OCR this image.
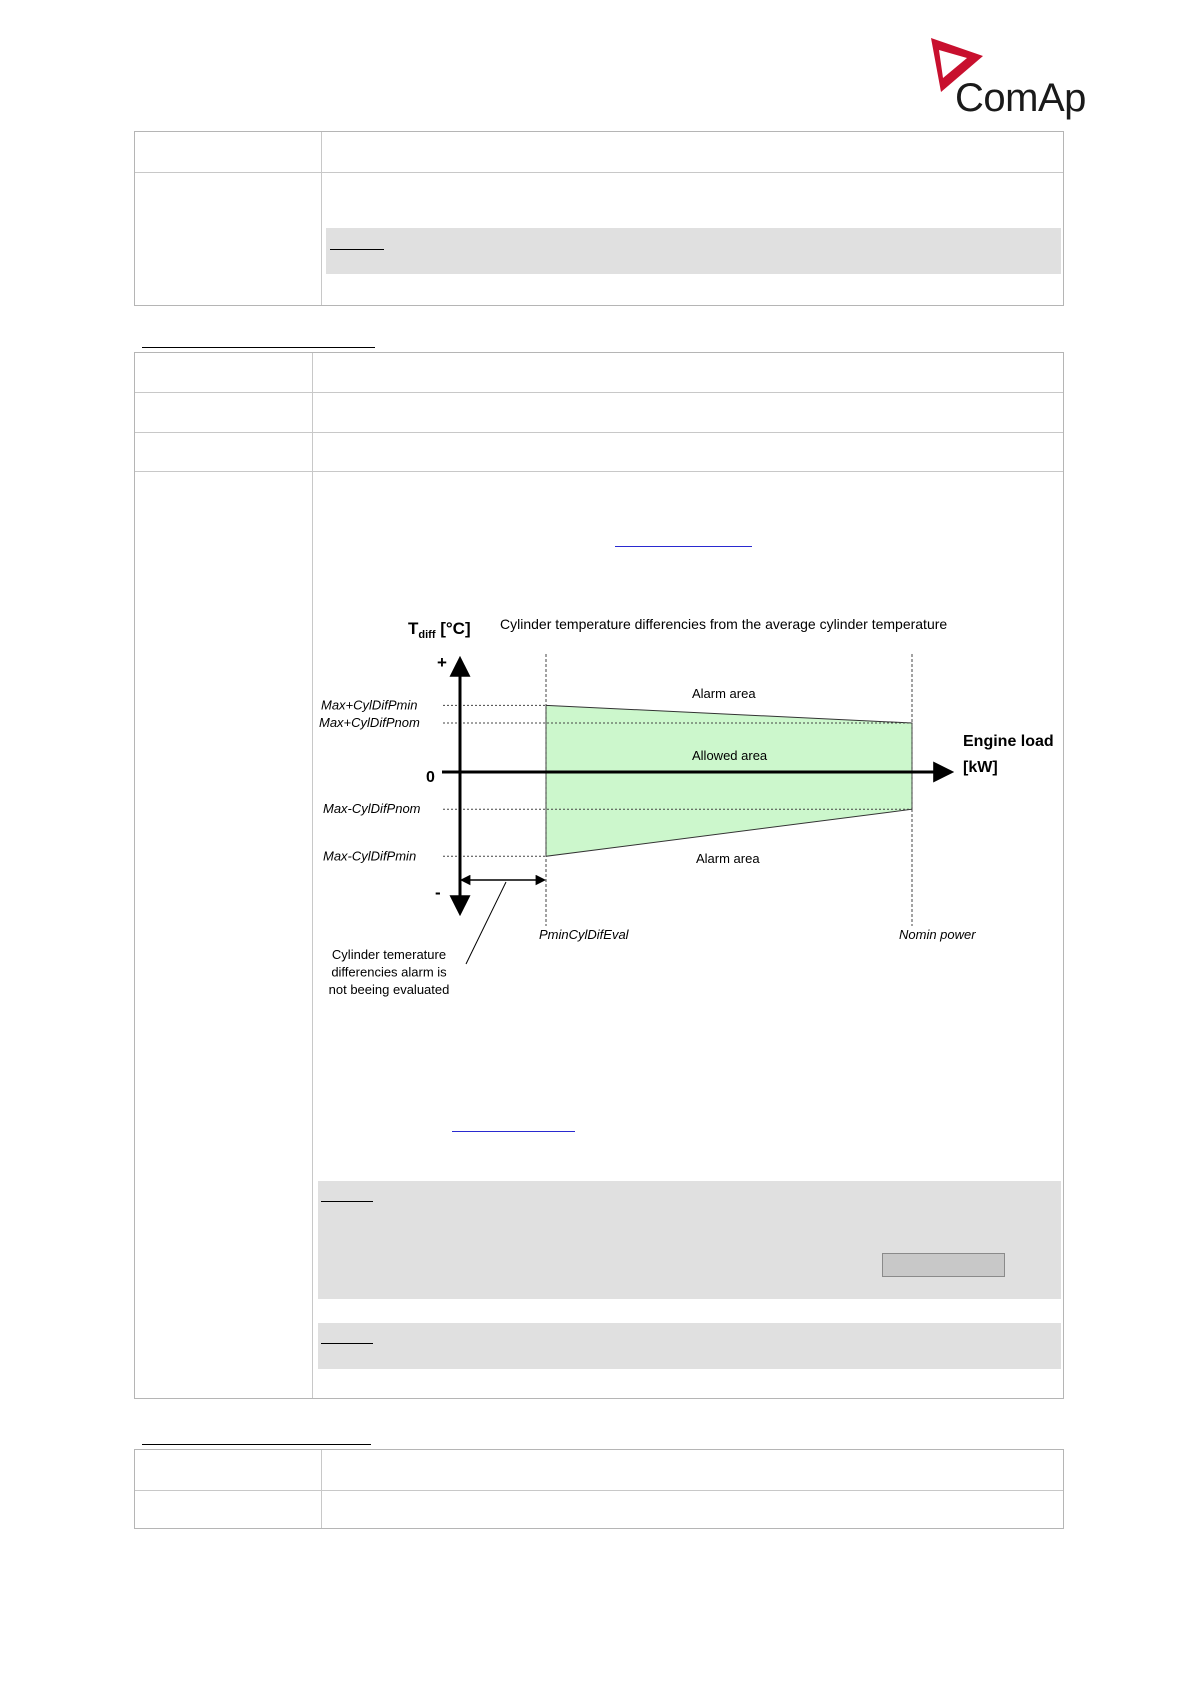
ComAp
$T_{diff}$ [°C]
+
-
0
Cylinder temperature differencies from the average cylinder temperature
Engine load
[kW]
Max+CylDifPmin
Max+CylDifPnom
Max-CylDifPnom
Max-CylDifPmin
PminCylDifEval	Nomin power
Alarm area
Allowed area
Alarm area
Cylinder temerature
differencies alarm is
not beeing evaluated
